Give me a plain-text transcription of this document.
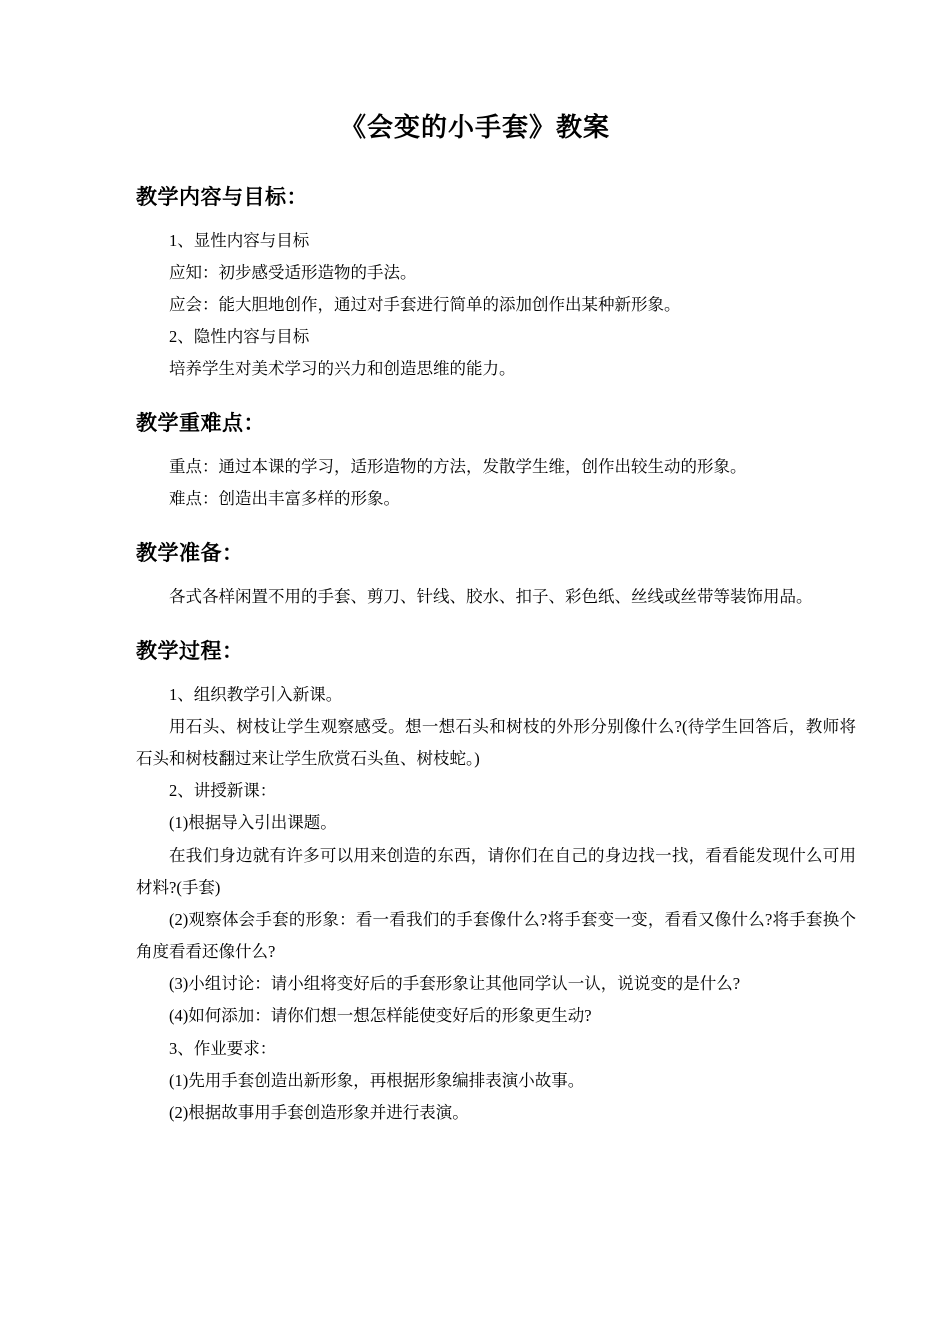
《会变的小手套》教案
教学内容与目标：

1、显性内容与目标

应知：初步感受适形造物的手法。

应会：能大胆地创作，通过对手套进行简单的添加创作出某种新形象。

2、隐性内容与目标

培养学生对美术学习的兴力和创造思维的能力。

教学重难点：

重点：通过本课的学习，适形造物的方法，发散学生维，创作出较生动的形象。

难点：创造出丰富多样的形象。

教学准备：

各式各样闲置不用的手套、剪刀、针线、胶水、扣子、彩色纸、丝线或丝带等装饰用品。

教学过程：

1、组织教学引入新课。

用石头、树枝让学生观察感受。想一想石头和树枝的外形分别像什么?(待学生回答后，教师将石头和树枝翻过来让学生欣赏石头鱼、树枝蛇。)

2、讲授新课：

(1)根据导入引出课题。

在我们身边就有许多可以用来创造的东西，请你们在自己的身边找一找，看看能发现什么可用材料?(手套)

(2)观察体会手套的形象：看一看我们的手套像什么?将手套变一变，看看又像什么?将手套换个角度看看还像什么?

(3)小组讨论：请小组将变好后的手套形象让其他同学认一认，说说变的是什么?

(4)如何添加：请你们想一想怎样能使变好后的形象更生动?

3、作业要求：

(1)先用手套创造出新形象，再根据形象编排表演小故事。

(2)根据故事用手套创造形象并进行表演。
